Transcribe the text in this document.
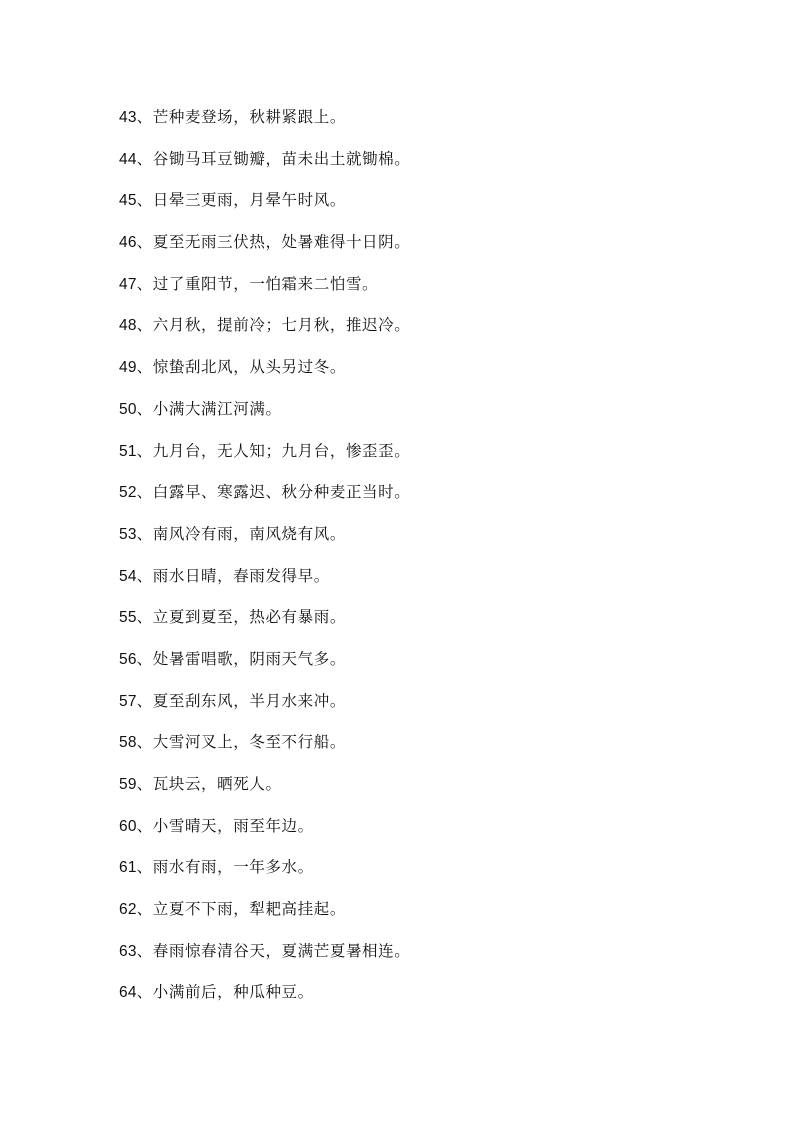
43、芒种麦登场，秋耕紧跟上。
44、谷锄马耳豆锄瓣，苗未出土就锄棉。
45、日晕三更雨，月晕午时风。
46、夏至无雨三伏热，处暑难得十日阴。
47、过了重阳节，一怕霜来二怕雪。
48、六月秋，提前冷；七月秋，推迟冷。
49、惊蛰刮北风，从头另过冬。
50、小满大满江河满。
51、九月台，无人知；九月台，惨歪歪。
52、白露早、寒露迟、秋分种麦正当时。
53、南风冷有雨，南风烧有风。
54、雨水日晴，春雨发得早。
55、立夏到夏至，热必有暴雨。
56、处暑雷唱歌，阴雨天气多。
57、夏至刮东风，半月水来冲。
58、大雪河叉上，冬至不行船。
59、瓦块云，晒死人。
60、小雪晴天，雨至年边。
61、雨水有雨，一年多水。
62、立夏不下雨，犁耙高挂起。
63、春雨惊春清谷天，夏满芒夏暑相连。
64、小满前后，种瓜种豆。
